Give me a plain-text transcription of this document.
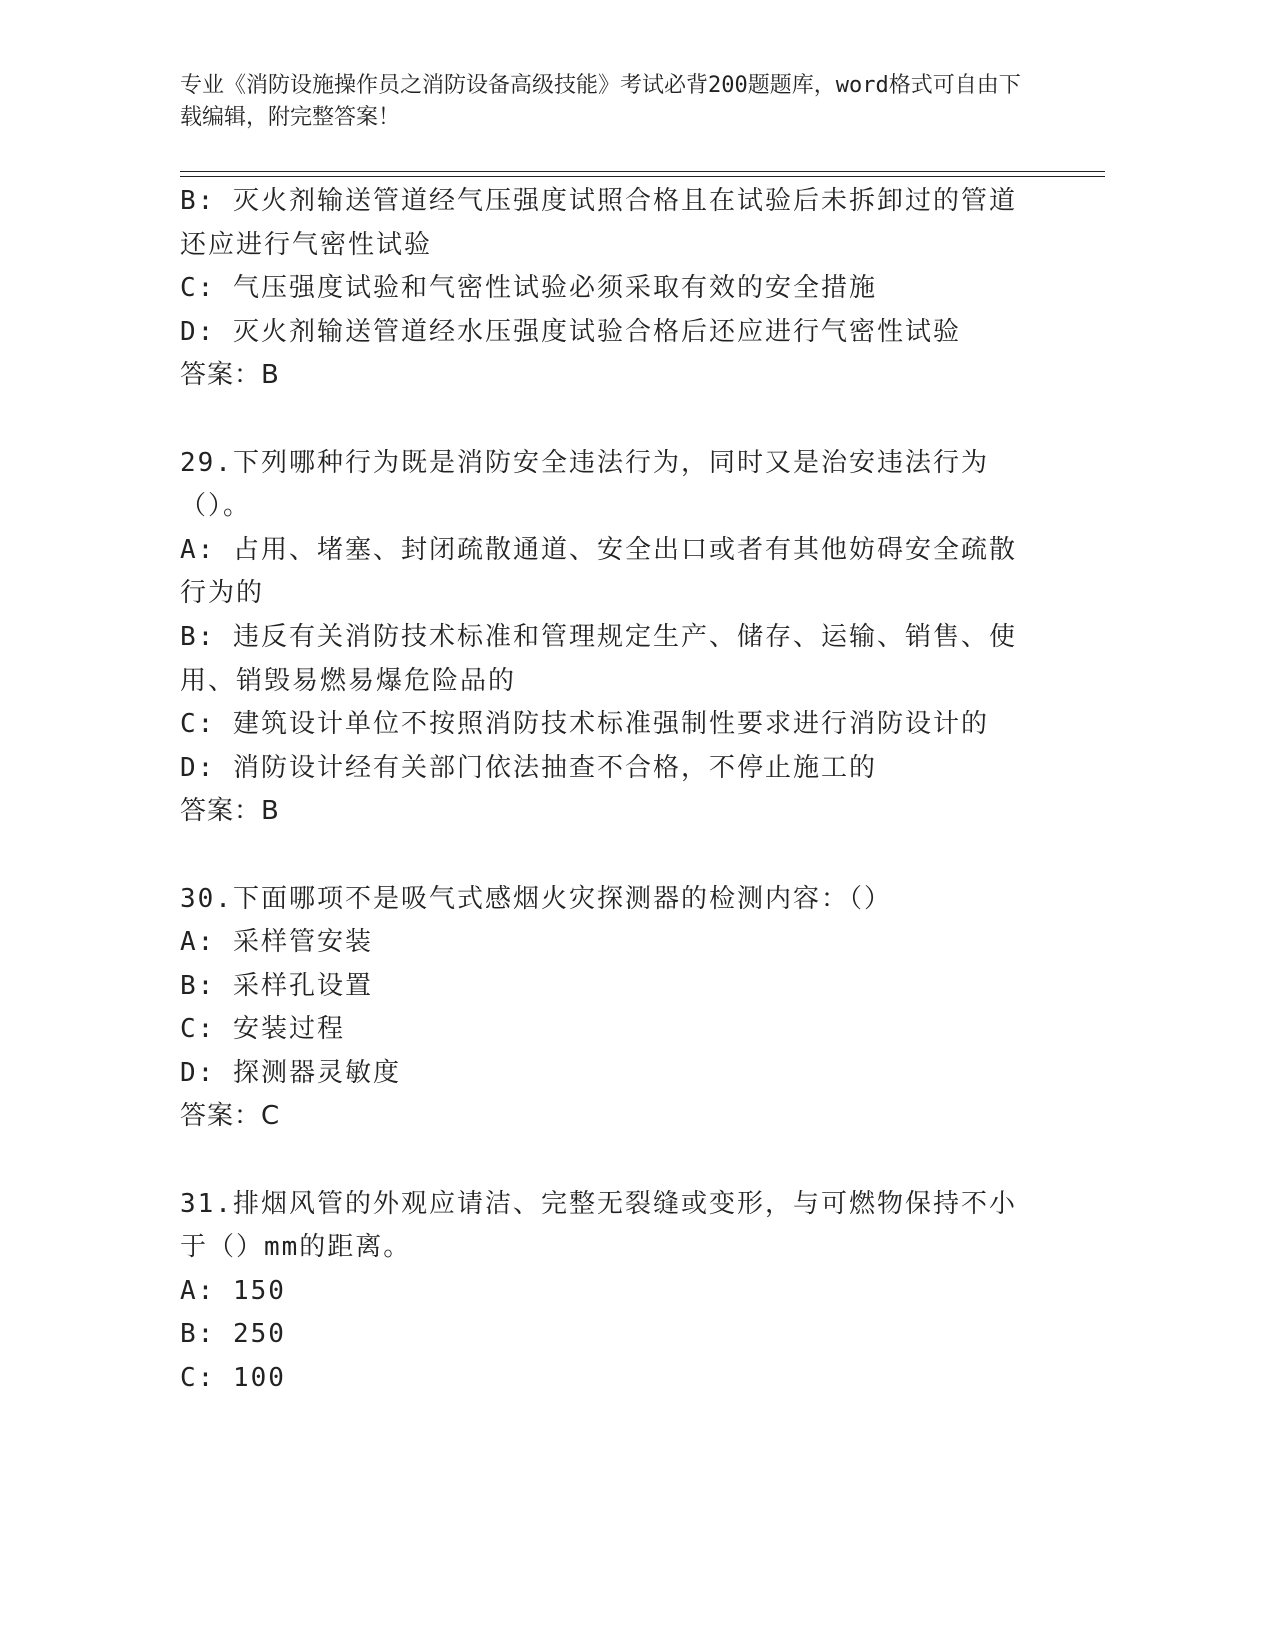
专业《消防设施操作员之消防设备高级技能》考试必背200题题库，word格式可自由下载编辑，附完整答案！

B: 灭火剂输送管道经气压强度试照合格且在试验后未拆卸过的管道还应进行气密性试验

C: 气压强度试验和气密性试验必须采取有效的安全措施

D: 灭火剂输送管道经水压强度试验合格后还应进行气密性试验

答案：B

29.下列哪种行为既是消防安全违法行为，同时又是治安违法行为（）。

A: 占用、堵塞、封闭疏散通道、安全出口或者有其他妨碍安全疏散行为的

B: 违反有关消防技术标准和管理规定生产、储存、运输、销售、使用、销毁易燃易爆危险品的

C: 建筑设计单位不按照消防技术标准强制性要求进行消防设计的

D: 消防设计经有关部门依法抽查不合格，不停止施工的

答案：B

30.下面哪项不是吸气式感烟火灾探测器的检测内容：（）

A: 采样管安装

B: 采样孔设置

C: 安装过程

D: 探测器灵敏度

答案：C

31.排烟风管的外观应请洁、完整无裂缝或变形，与可燃物保持不小于（）mm的距离。

A: 150

B: 250

C: 100
